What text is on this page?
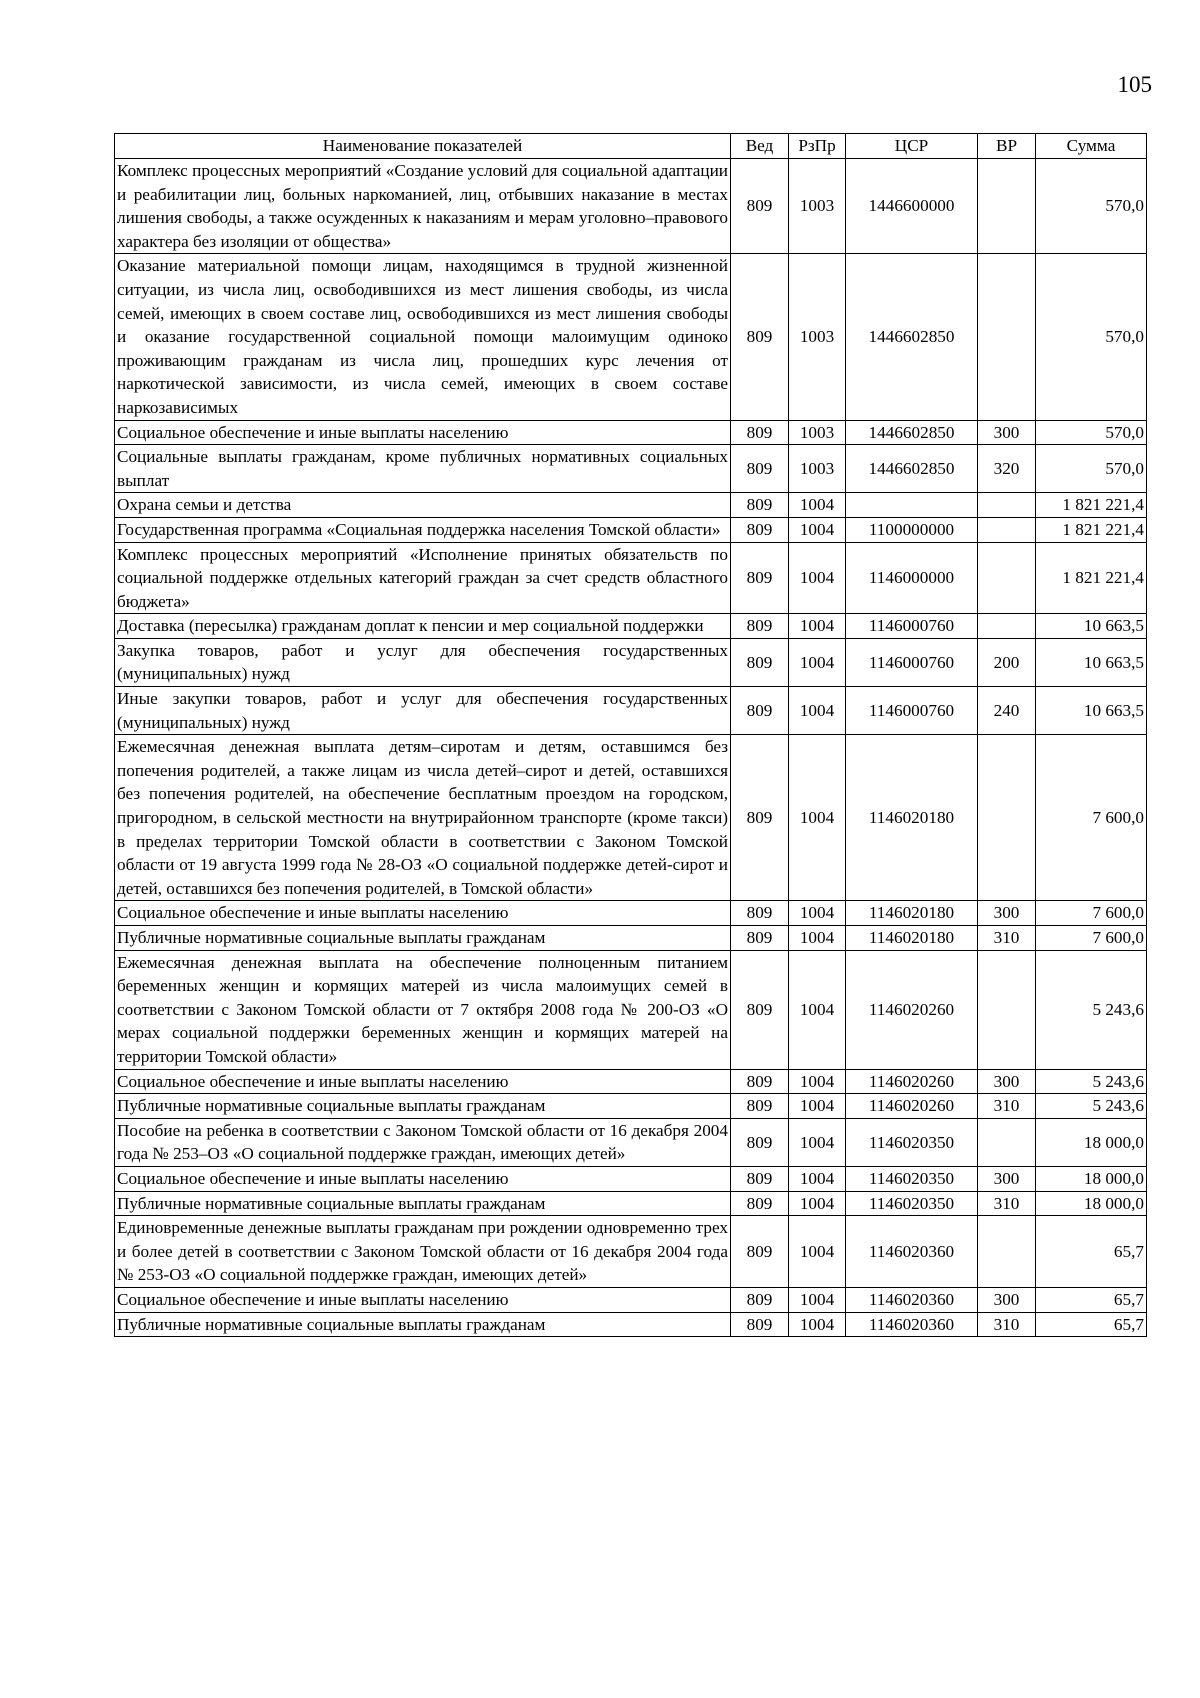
105
Наименование показателей	Вед	РзПр	ЦСР	ВР	Сумма
Комплекс процессных мероприятий «Создание условий для социальной адаптации и реабилитации лиц, больных наркоманией, лиц, отбывших наказание в местах лишения свободы, а также осужденных к наказаниям и мерам уголовно–правового характера без изоляции от общества»	809	1003	1446600000		570,0
Оказание материальной помощи лицам, находящимся в трудной жизненной ситуации, из числа лиц, освободившихся из мест лишения свободы, из числа семей, имеющих в своем составе лиц, освободившихся из мест лишения свободы и оказание государственной социальной помощи малоимущим одиноко проживающим гражданам из числа лиц, прошедших курс лечения от наркотической зависимости, из числа семей, имеющих в своем составе наркозависимых	809	1003	1446602850		570,0
Социальное обеспечение и иные выплаты населению	809	1003	1446602850	300	570,0
Социальные выплаты гражданам, кроме публичных нормативных социальных выплат	809	1003	1446602850	320	570,0
Охрана семьи и детства	809	1004			1 821 221,4
Государственная программа «Социальная поддержка населения Томской области»	809	1004	1100000000		1 821 221,4
Комплекс процессных мероприятий «Исполнение принятых обязательств по социальной поддержке отдельных категорий граждан за счет средств областного бюджета»	809	1004	1146000000		1 821 221,4
Доставка (пересылка) гражданам доплат к пенсии и мер социальной поддержки	809	1004	1146000760		10 663,5
Закупка товаров, работ и услуг для обеспечения государственных (муниципальных) нужд	809	1004	1146000760	200	10 663,5
Иные закупки товаров, работ и услуг для обеспечения государственных (муниципальных) нужд	809	1004	1146000760	240	10 663,5
Ежемесячная денежная выплата детям–сиротам и детям, оставшимся без попечения родителей, а также лицам из числа детей–сирот и детей, оставшихся без попечения родителей, на обеспечение бесплатным проездом на городском, пригородном, в сельской местности на внутрирайонном транспорте (кроме такси) в пределах территории Томской области в соответствии с Законом Томской области от 19 августа 1999 года № 28-ОЗ «О социальной поддержке детей-сирот и детей, оставшихся без попечения родителей, в Томской области»	809	1004	1146020180		7 600,0
Социальное обеспечение и иные выплаты населению	809	1004	1146020180	300	7 600,0
Публичные нормативные социальные выплаты гражданам	809	1004	1146020180	310	7 600,0
Ежемесячная денежная выплата на обеспечение полноценным питанием беременных женщин и кормящих матерей из числа малоимущих семей в соответствии с Законом Томской области от 7 октября 2008 года № 200-ОЗ «О мерах социальной поддержки беременных женщин и кормящих матерей на территории Томской области»	809	1004	1146020260		5 243,6
Социальное обеспечение и иные выплаты населению	809	1004	1146020260	300	5 243,6
Публичные нормативные социальные выплаты гражданам	809	1004	1146020260	310	5 243,6
Пособие на ребенка в соответствии с Законом Томской области от 16 декабря 2004 года № 253–ОЗ «О социальной поддержке граждан, имеющих детей»	809	1004	1146020350		18 000,0
Социальное обеспечение и иные выплаты населению	809	1004	1146020350	300	18 000,0
Публичные нормативные социальные выплаты гражданам	809	1004	1146020350	310	18 000,0
Единовременные денежные выплаты гражданам при рождении одновременно трех и более детей в соответствии с Законом Томской области от 16 декабря 2004 года № 253-ОЗ «О социальной поддержке граждан, имеющих детей»	809	1004	1146020360		65,7
Социальное обеспечение и иные выплаты населению	809	1004	1146020360	300	65,7
Публичные нормативные социальные выплаты гражданам	809	1004	1146020360	310	65,7
